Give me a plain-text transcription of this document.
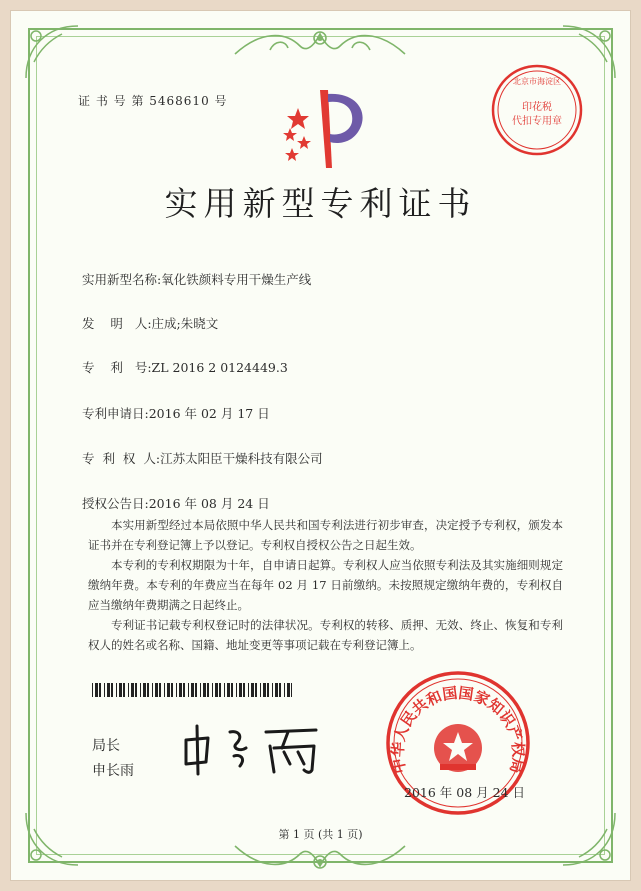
证 书 号 第 5468610 号
北京市海淀区
印花税
代扣专用章
实用新型专利证书
实用新型名称:氧化铁颜料专用干燥生产线
发    明   人:庄成;朱晓文
专    利   号:ZL 2016 2 0124449.3
专利申请日:2016 年 02 月 17 日
专  利  权  人:江苏太阳臣干燥科技有限公司
授权公告日:2016 年 08 月 24 日

本实用新型经过本局依照中华人民共和国专利法进行初步审查，决定授予专利权，颁发本证书并在专利登记簿上予以登记。专利权自授权公告之日起生效。

本专利的专利权期限为十年，自申请日起算。专利权人应当依照专利法及其实施细则规定缴纳年费。本专利的年费应当在每年 02 月 17 日前缴纳。未按照规定缴纳年费的，专利权自应当缴纳年费期满之日起终止。

专利证书记载专利权登记时的法律状况。专利权的转移、质押、无效、终止、恢复和专利权人的姓名或名称、国籍、地址变更等事项记载在专利登记簿上。

局长
申长雨	中华人民共和国国家知识产权局
2016 年 08 月 24 日
第 1 页 (共 1 页)
